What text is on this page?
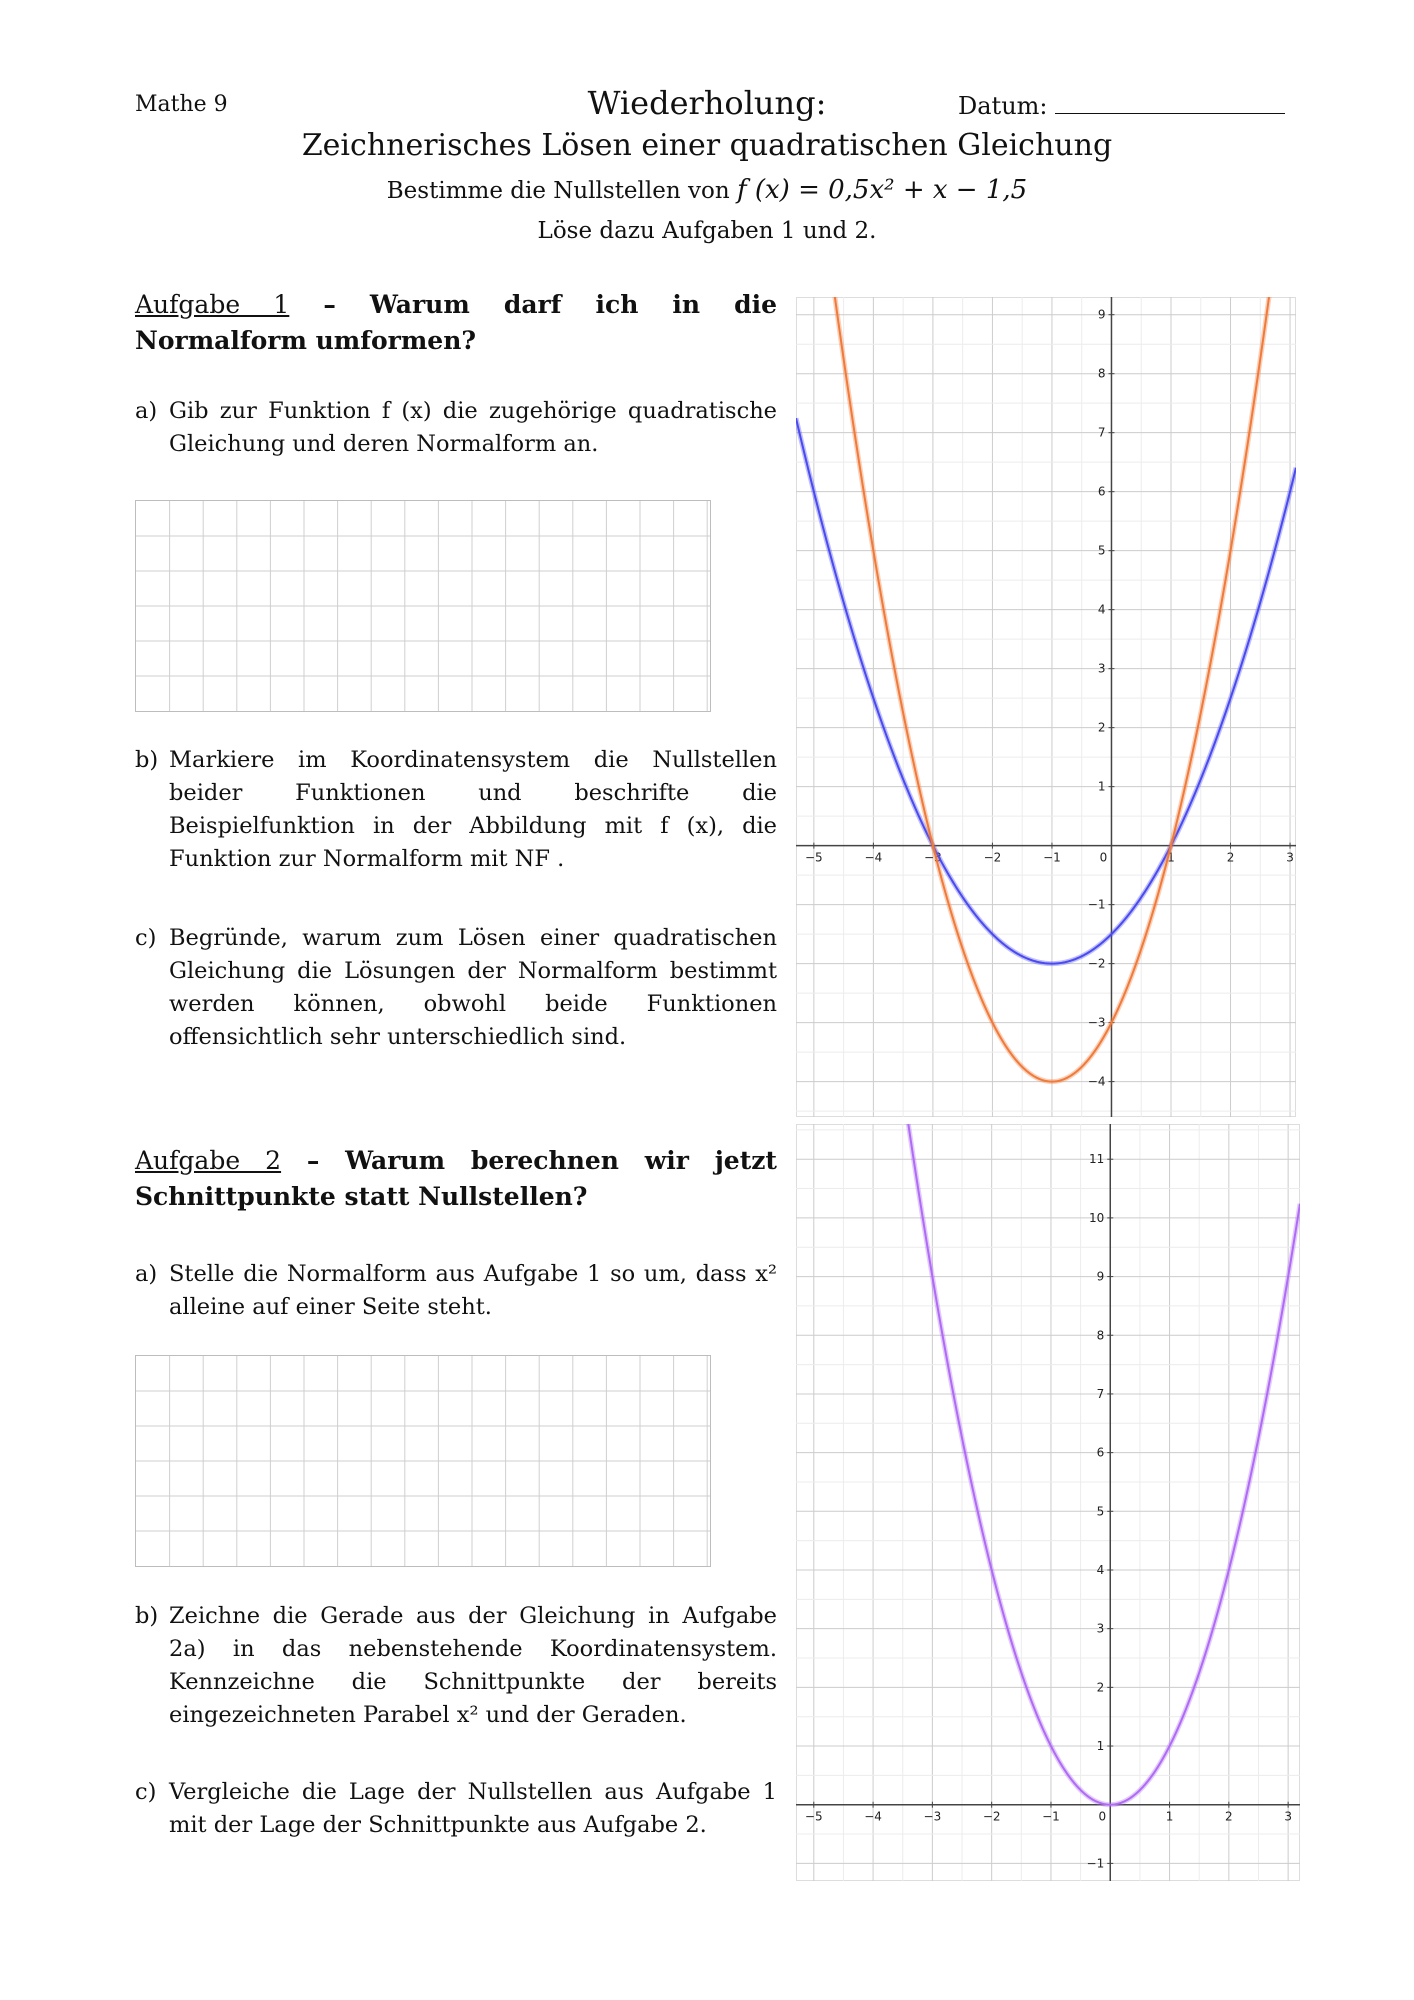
Mathe 9	Wiederholung:	Datum:
Zeichnerisches Lösen einer quadratischen Gleichung
Bestimme die Nullstellen von f (x) = 0,5x² + x − 1,5
Löse dazu Aufgaben 1 und 2.
Aufgabe 1 – Warum darf ich in die Normalform umformen?
a) Gib zur Funktion f (x) die zugehörige quadratische Gleichung und deren Normalform an.
b) Markiere im Koordinatensystem die Nullstellen beider Funktionen und beschrifte die Beispielfunktion in der Abbildung mit f (x), die Funktion zur Normalform mit NF .
c) Begründe, warum zum Lösen einer quadratischen Gleichung die Lösungen der Normalform bestimmt werden können, obwohl beide Funktionen offensichtlich sehr unterschiedlich sind.
Aufgabe 2 – Warum berechnen wir jetzt Schnittpunkte statt Nullstellen?
a) Stelle die Normalform aus Aufgabe 1 so um, dass x² alleine auf einer Seite steht.
b) Zeichne die Gerade aus der Gleichung in Aufgabe 2a) in das nebenstehende Koordinatensystem. Kennzeichne die Schnittpunkte der bereits eingezeichneten Parabel x² und der Geraden.
c) Vergleiche die Lage der Nullstellen aus Aufgabe 1 mit der Lage der Schnittpunkte aus Aufgabe 2.
−5	−4	−3	−2	−1	0	1	2	3
−4
−3
−2
−1
1
2
3
4
5
6
7
8
9
−5	−4	−3	−2	−1	0	1	2	3
−1
1
2
3
4
5
6
7
8
9
10
11
